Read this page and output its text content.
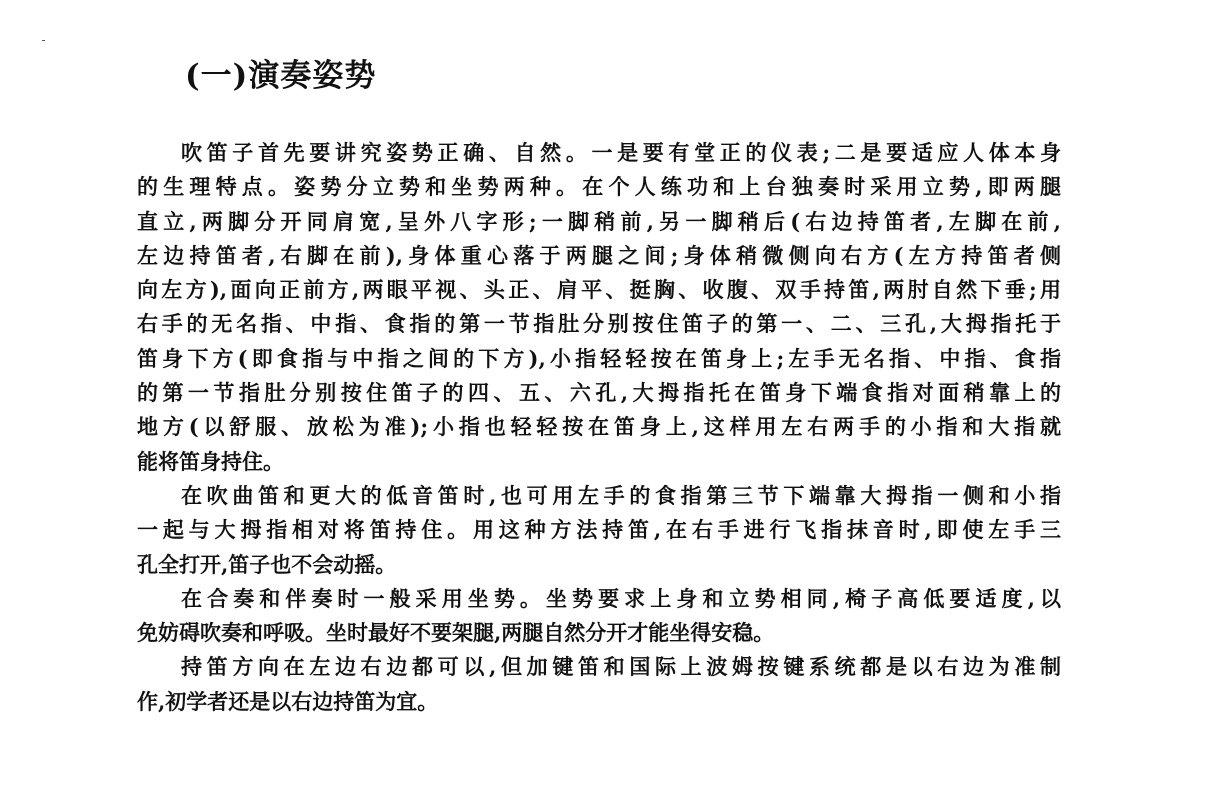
(一)演奏姿势
吹笛子首先要讲究姿势正确、自然。一是要有堂正的仪表;二是要适应人体本身
的生理特点。姿势分立势和坐势两种。在个人练功和上台独奏时采用立势,即两腿
直立,两脚分开同肩宽,呈外八字形;一脚稍前,另一脚稍后(右边持笛者,左脚在前,
左边持笛者,右脚在前),身体重心落于两腿之间;身体稍微侧向右方(左方持笛者侧
向左方),面向正前方,两眼平视、头正、肩平、挺胸、收腹、双手持笛,两肘自然下垂;用
右手的无名指、中指、食指的第一节指肚分别按住笛子的第一、二、三孔,大拇指托于
笛身下方(即食指与中指之间的下方),小指轻轻按在笛身上;左手无名指、中指、食指
的第一节指肚分别按住笛子的四、五、六孔,大拇指托在笛身下端食指对面稍靠上的
地方(以舒服、放松为准);小指也轻轻按在笛身上,这样用左右两手的小指和大指就
能将笛身持住。
在吹曲笛和更大的低音笛时,也可用左手的食指第三节下端靠大拇指一侧和小指
一起与大拇指相对将笛持住。用这种方法持笛,在右手进行飞指抹音时,即使左手三
孔全打开,笛子也不会动摇。
在合奏和伴奏时一般采用坐势。坐势要求上身和立势相同,椅子高低要适度,以
免妨碍吹奏和呼吸。坐时最好不要架腿,两腿自然分开才能坐得安稳。
持笛方向在左边右边都可以,但加键笛和国际上波姆按键系统都是以右边为准制
作,初学者还是以右边持笛为宜。
